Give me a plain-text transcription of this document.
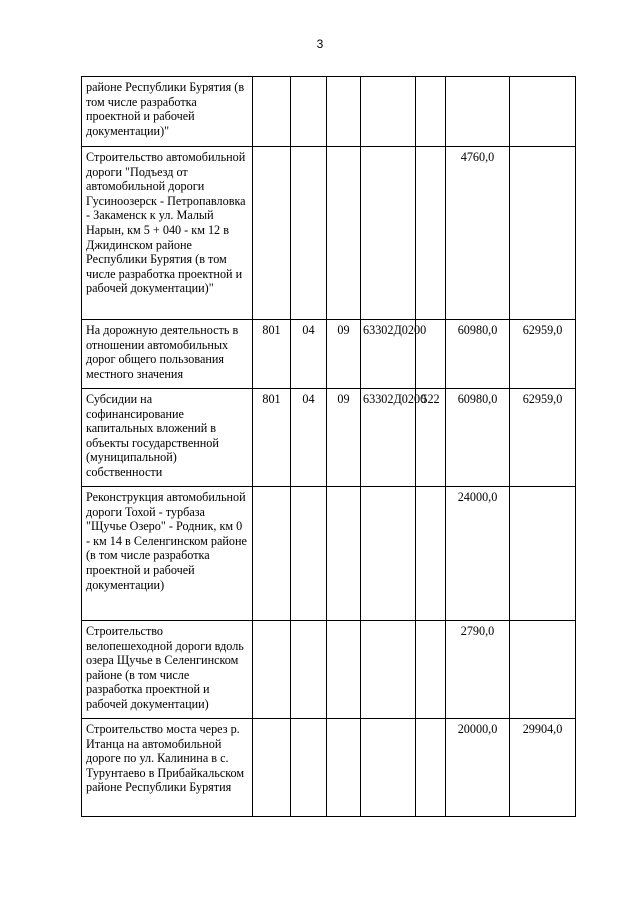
3
районе Республики Бурятия (в том числе разработка проектной и рабочей документации)"							
Строительство автомобильной дороги "Подъезд от автомобильной дороги Гусиноозерск - Петропавловка - Закаменск к ул. Малый Нарын, км 5 + 040 - км 12 в Джидинском районе Республики Бурятия (в том числе разработка проектной и рабочей документации)"						4760,0	
На дорожную деятельность в отношении автомобильных дорог общего пользования местного значения	801	04	09	63302Д0200		60980,0	62959,0
Субсидии на софинансирование капитальных вложений в объекты государственной (муниципальной) собственности	801	04	09	63302Д0200	522	60980,0	62959,0
Реконструкция автомобильной дороги Тохой - турбаза "Щучье Озеро" - Родник, км 0 - км 14 в Селенгинском районе (в том числе разработка проектной и рабочей документации)						24000,0	
Строительство велопешеходной дороги вдоль озера Щучье в Селенгинском районе (в том числе разработка проектной и рабочей документации)						2790,0	
Строительство моста через р. Итанца на автомобильной дороге по ул. Калинина в с. Турунтаево в Прибайкальском районе Республики Бурятия						20000,0	29904,0
